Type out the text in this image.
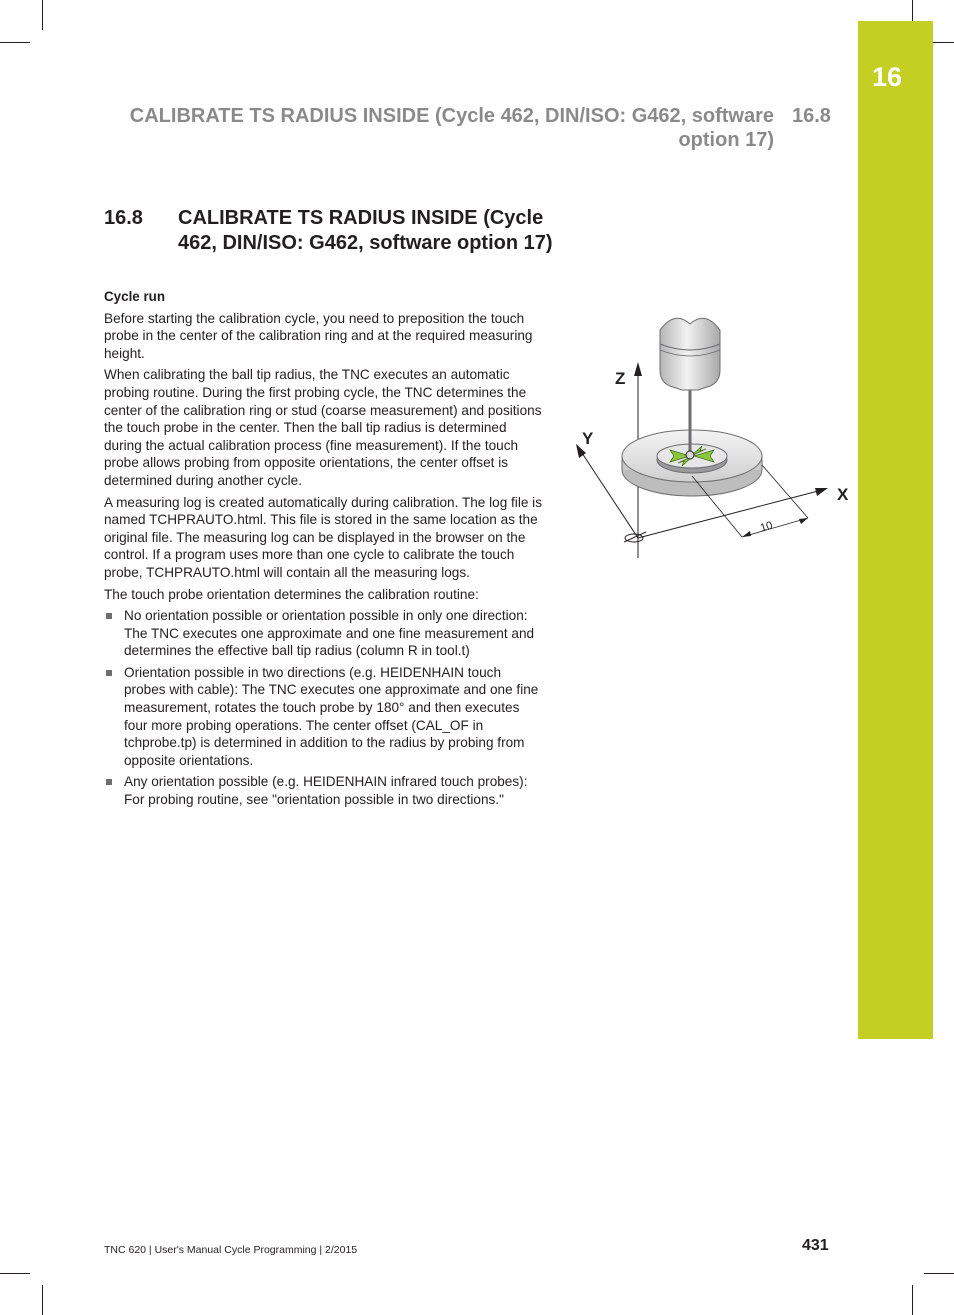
16
CALIBRATE TS RADIUS INSIDE (Cycle 462, DIN/ISO: G462, software option 17)
16.8
16.8 CALIBRATE TS RADIUS INSIDE (Cycle 462, DIN/ISO: G462, software option 17)
Cycle run

Before starting the calibration cycle, you need to preposition the touch probe in the center of the calibration ring and at the required measuring height.

When calibrating the ball tip radius, the TNC executes an automatic probing routine. During the first probing cycle, the TNC determines the center of the calibration ring or stud (coarse measurement) and positions the touch probe in the center. Then the ball tip radius is determined during the actual calibration process (fine measurement). If the touch probe allows probing from opposite orientations, the center offset is determined during another cycle.

A measuring log is created automatically during calibration. The log file is named TCHPRAUTO.html. This file is stored in the same location as the original file. The measuring log can be displayed in the browser on the control. If a program uses more than one cycle to calibrate the touch probe, TCHPRAUTO.html will contain all the measuring logs.

The touch probe orientation determines the calibration routine:

No orientation possible or orientation possible in only one direction: The TNC executes one approximate and one fine measurement and determines the effective ball tip radius (column R in tool.t)
Orientation possible in two directions (e.g. HEIDENHAIN touch probes with cable): The TNC executes one approximate and one fine measurement, rotates the touch probe by 180° and then executes four more probing operations. The center offset (CAL_OF in tchprobe.tp) is determined in addition to the radius by probing from opposite orientations.
Any orientation possible (e.g. HEIDENHAIN infrared touch probes): For probing routine, see "orientation possible in two directions."
10
Z
Y
X
TNC 620 | User's Manual Cycle Programming | 2/2015	431
